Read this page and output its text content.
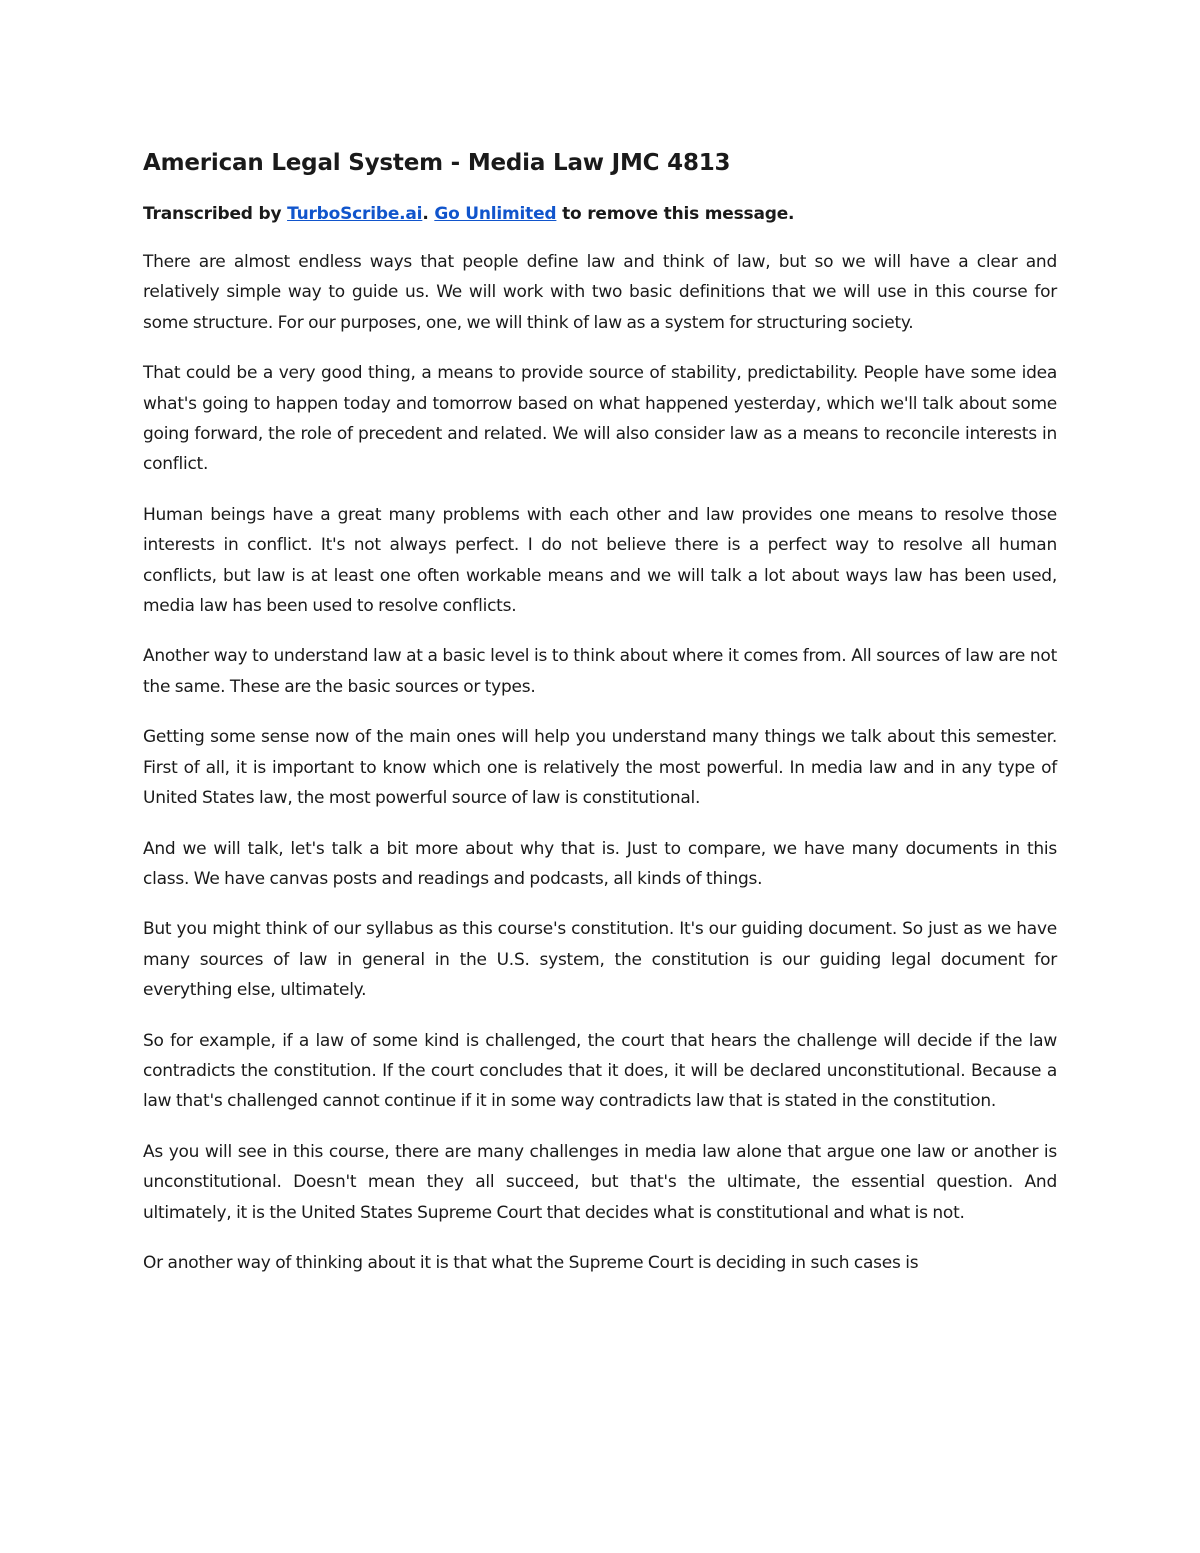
American Legal System - Media Law JMC 4813

Transcribed by TurboScribe.ai. Go Unlimited to remove this message.

There are almost endless ways that people define law and think of law, but so we will have a clear and relatively simple way to guide us. We will work with two basic definitions that we will use in this course for some structure. For our purposes, one, we will think of law as a system for structuring society.

That could be a very good thing, a means to provide source of stability, predictability. People have some idea what's going to happen today and tomorrow based on what happened yesterday, which we'll talk about some going forward, the role of precedent and related. We will also consider law as a means to reconcile interests in conflict.

Human beings have a great many problems with each other and law provides one means to resolve those interests in conflict. It's not always perfect. I do not believe there is a perfect way to resolve all human conflicts, but law is at least one often workable means and we will talk a lot about ways law has been used, media law has been used to resolve conflicts.

Another way to understand law at a basic level is to think about where it comes from. All sources of law are not the same. These are the basic sources or types.

Getting some sense now of the main ones will help you understand many things we talk about this semester. First of all, it is important to know which one is relatively the most powerful. In media law and in any type of United States law, the most powerful source of law is constitutional.

And we will talk, let's talk a bit more about why that is. Just to compare, we have many documents in this class. We have canvas posts and readings and podcasts, all kinds of things.

But you might think of our syllabus as this course's constitution. It's our guiding document. So just as we have many sources of law in general in the U.S. system, the constitution is our guiding legal document for everything else, ultimately.

So for example, if a law of some kind is challenged, the court that hears the challenge will decide if the law contradicts the constitution. If the court concludes that it does, it will be declared unconstitutional. Because a law that's challenged cannot continue if it in some way contradicts law that is stated in the constitution.

As you will see in this course, there are many challenges in media law alone that argue one law or another is unconstitutional. Doesn't mean they all succeed, but that's the ultimate, the essential question. And ultimately, it is the United States Supreme Court that decides what is constitutional and what is not.

Or another way of thinking about it is that what the Supreme Court is deciding in such cases is
